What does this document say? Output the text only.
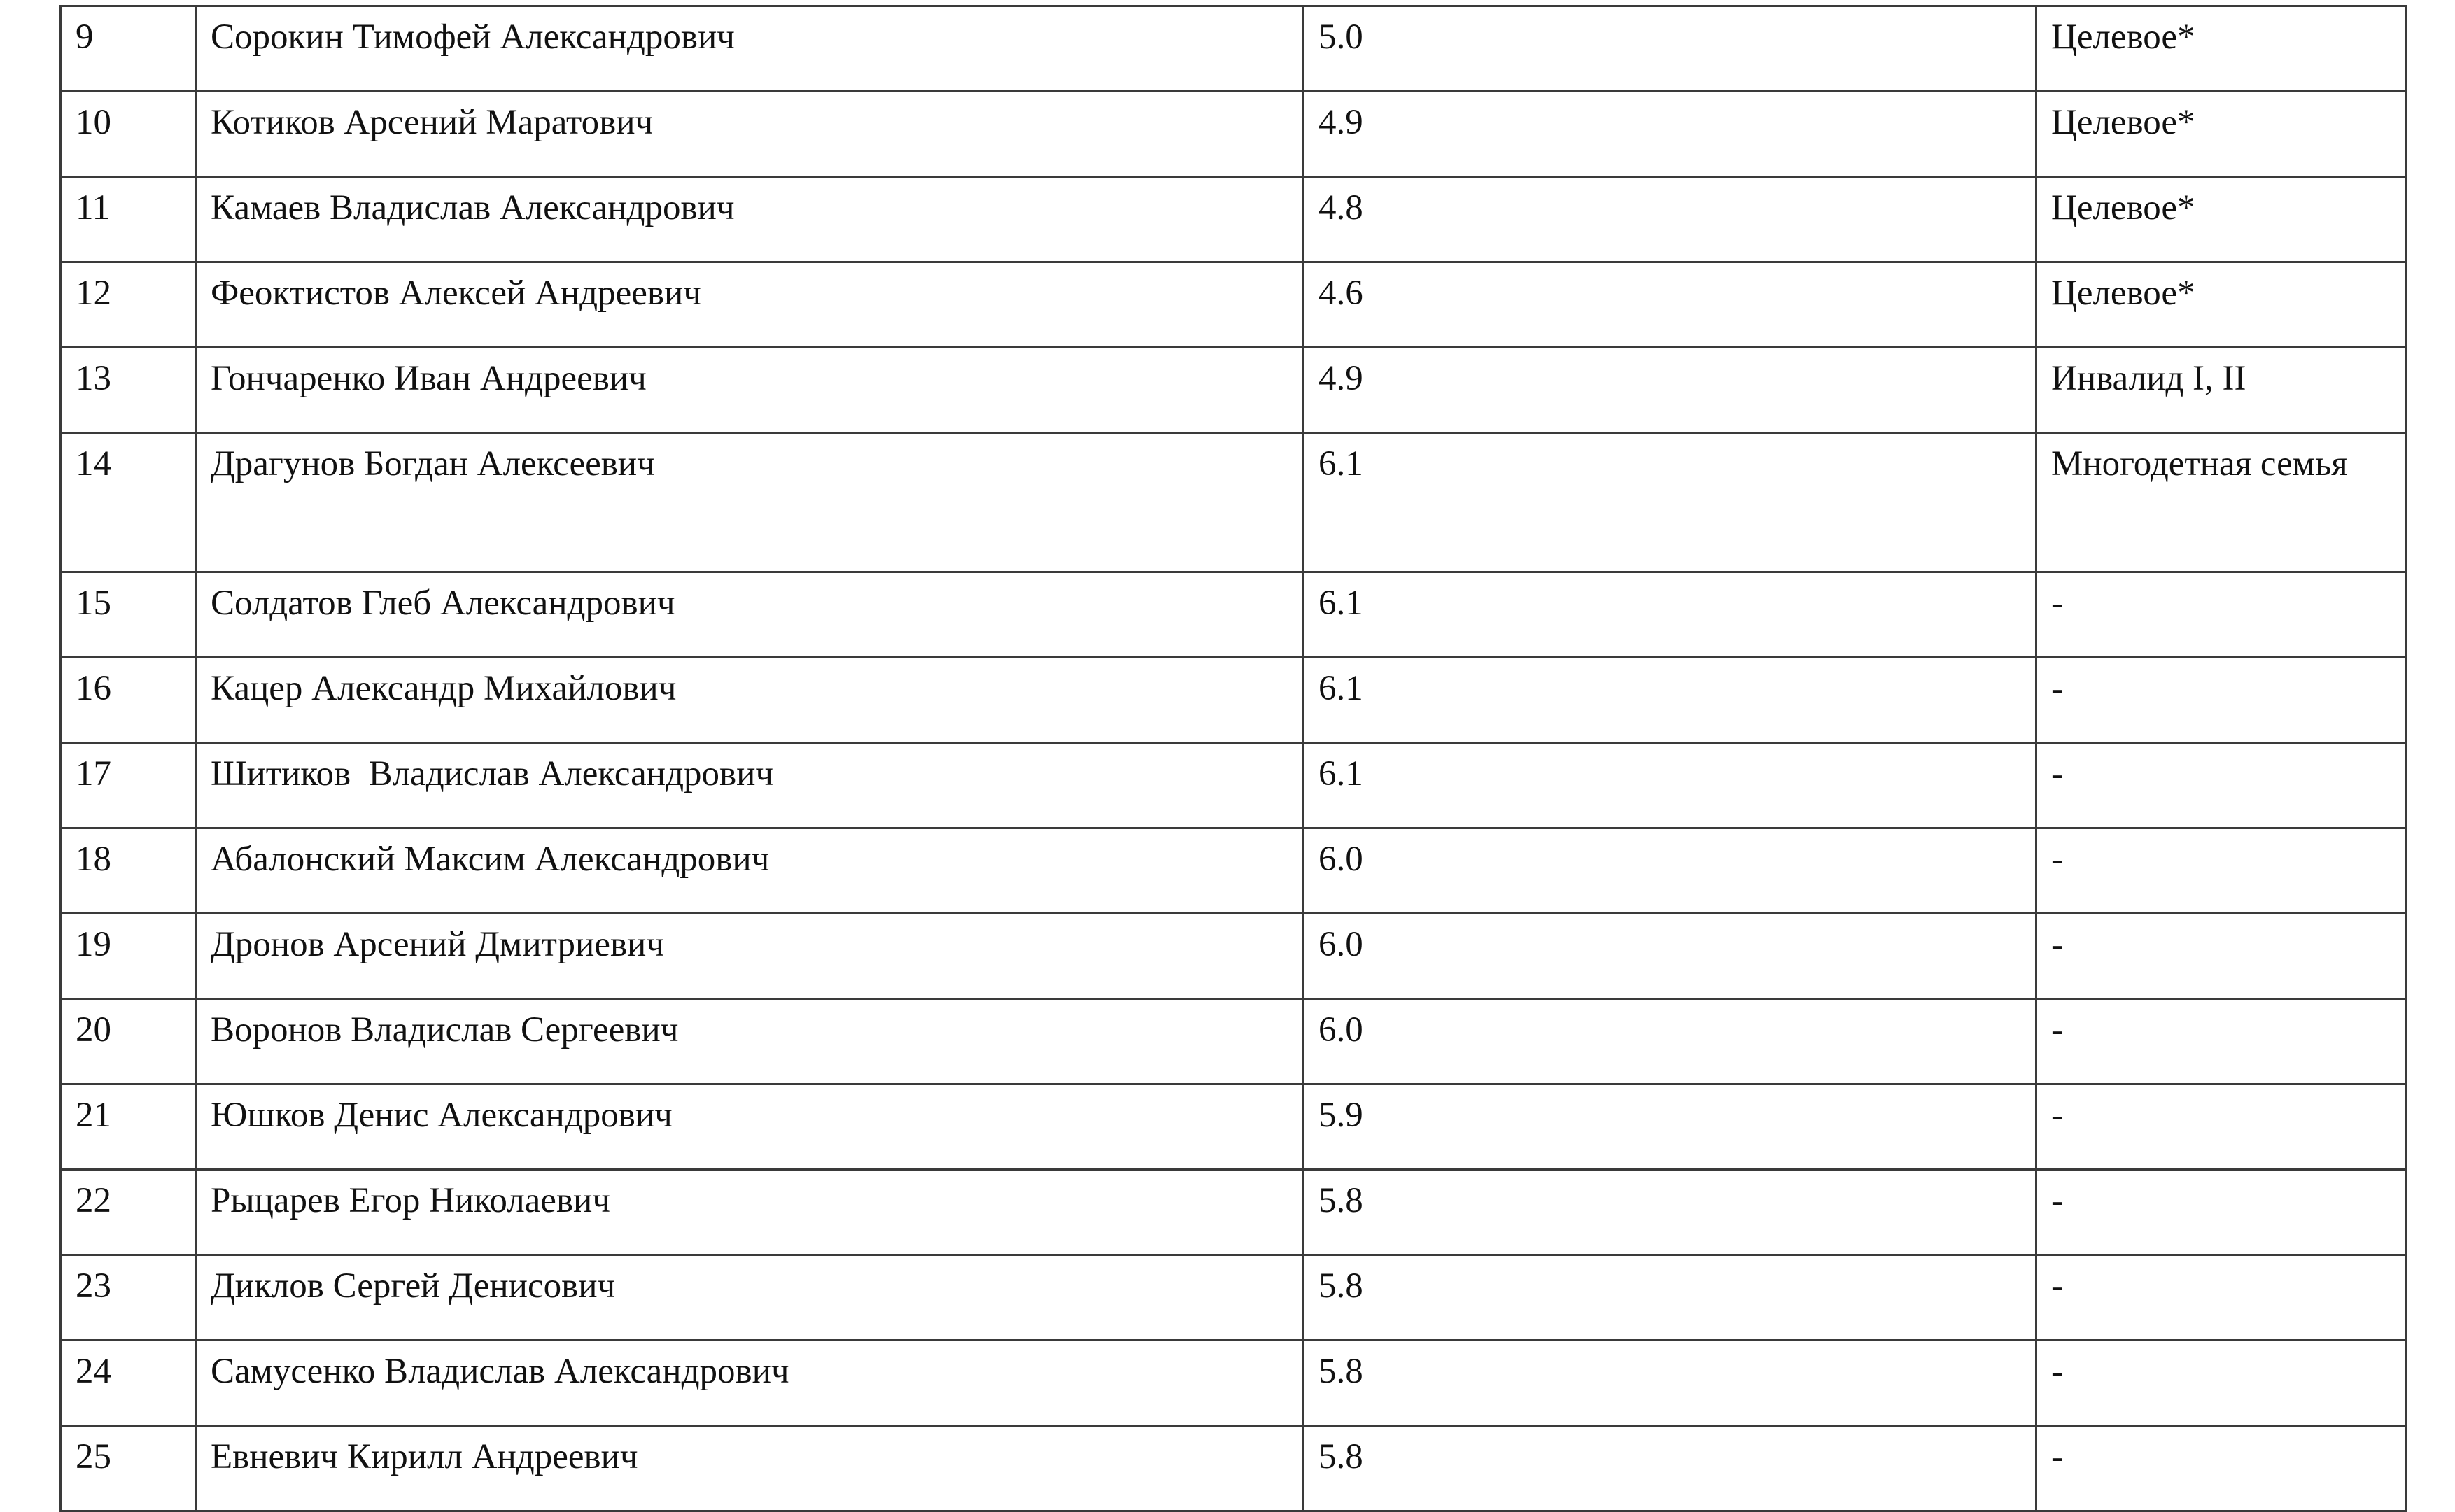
9	Сорокин Тимофей Александрович	5.0	Целевое*
10	Котиков Арсений Маратович	4.9	Целевое*
11	Камаев Владислав Александрович	4.8	Целевое*
12	Феоктистов Алексей Андреевич	4.6	Целевое*
13	Гончаренко Иван Андреевич	4.9	Инвалид I, II
14	Драгунов Богдан Алексеевич	6.1	Многодетная семья
15	Солдатов Глеб Александрович	6.1	-
16	Кацер Александр Михайлович	6.1	-
17	Шитиков  Владислав Александрович	6.1	-
18	Абалонский Максим Александрович	6.0	-
19	Дронов Арсений Дмитриевич	6.0	-
20	Воронов Владислав Сергеевич	6.0	-
21	Юшков Денис Александрович	5.9	-
22	Рыцарев Егор Николаевич	5.8	-
23	Диклов Сергей Денисович	5.8	-
24	Самусенко Владислав Александрович	5.8	-
25	Евневич Кирилл Андреевич	5.8	-
